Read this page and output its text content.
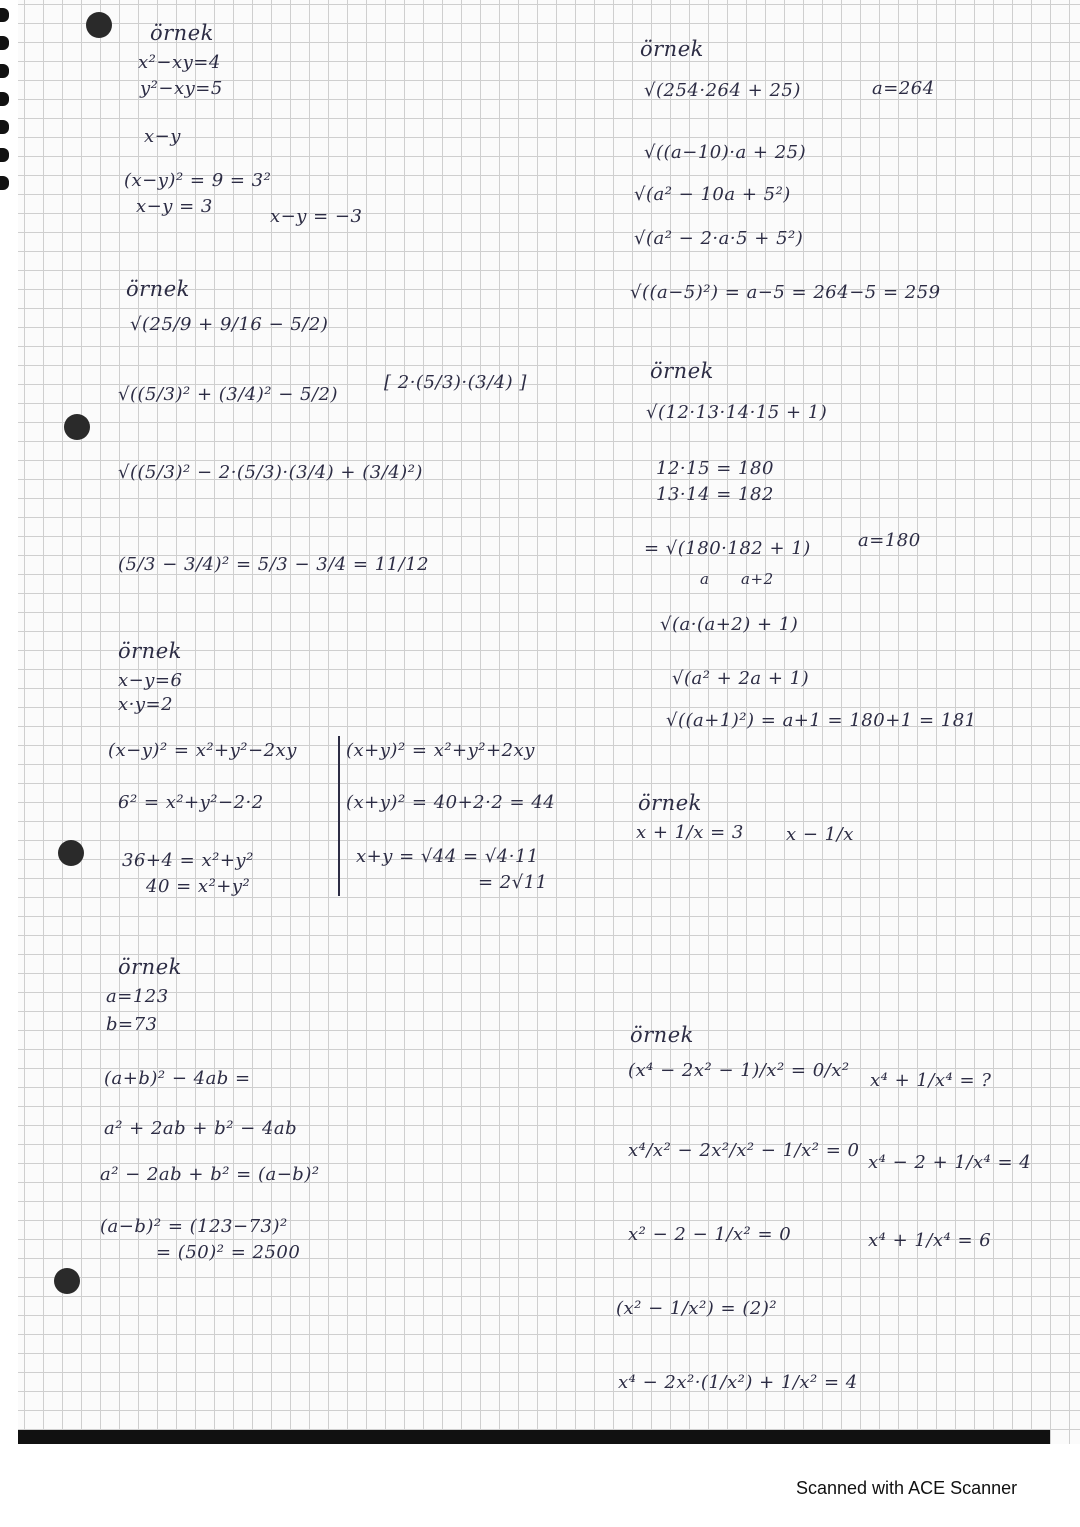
örnek
x²−xy=4
y²−xy=5
x−y
(x−y)² = 9 = 3²
x−y = 3	x−y = −3
örnek
√(25/9 + 9/16 − 5/2)
√((5/3)² + (3/4)² − 5/2)
[ 2·(5/3)·(3/4) ]
√((5/3)² − 2·(5/3)·(3/4) + (3/4)²)
(5/3 − 3/4)² = 5/3 − 3/4 = 11/12
örnek
x−y=6
x·y=2
(x−y)² = x²+y²−2xy
6² = x²+y²−2·2
36+4 = x²+y²
40 = x²+y²
(x+y)² = x²+y²+2xy
(x+y)² = 40+2·2 = 44
x+y = √44 = √4·11
= 2√11
örnek
a=123
b=73
(a+b)² − 4ab =
a² + 2ab + b² − 4ab
a² − 2ab + b² = (a−b)²
(a−b)² = (123−73)²
= (50)² = 2500
örnek
√(254·264 + 25)	a=264
√((a−10)·a + 25)
√(a² − 10a + 5²)
√(a² − 2·a·5 + 5²)
√((a−5)²) = a−5 = 264−5 = 259
örnek
√(12·13·14·15 + 1)
12·15 = 180
13·14 = 182
= √(180·182 + 1)	a=180
a      a+2
√(a·(a+2) + 1)
√(a² + 2a + 1)
√((a+1)²) = a+1 = 180+1 = 181
örnek
x + 1/x = 3 x − 1/x
örnek
(x⁴ − 2x² − 1)/x² = 0/x²
x⁴/x² − 2x²/x² − 1/x² = 0
x² − 2 − 1/x² = 0
(x² − 1/x²) = (2)²
x⁴ − 2x²·(1/x²) + 1/x² = 4
x⁴ + 1/x⁴ = ?
x⁴ − 2 + 1/x⁴ = 4
x⁴ + 1/x⁴ = 6
Scanned with ACE Scanner
